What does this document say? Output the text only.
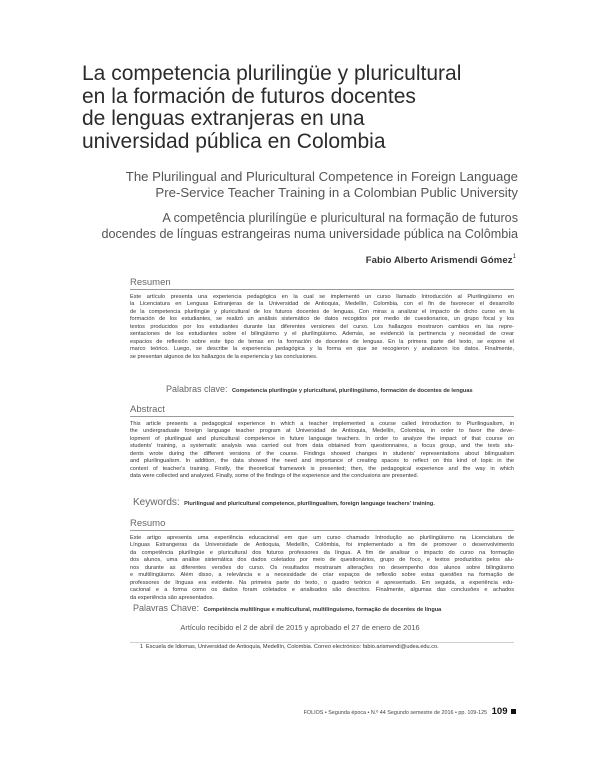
La competencia plurilingüe y pluricultural
en la formación de futuros docentes
de lenguas extranjeras en una
universidad pública en Colombia
The Plurilingual and Pluricultural Competence in Foreign Language
Pre-Service Teacher Training in a Colombian Public University
A competência plurilíngüe e pluricultural na formação de futuros
docendes de línguas estrangeiras numa universidade pública na Colômbia
Fabio Alberto Arismendi Gómez$^1$
Resumen
Este artículo presenta una experiencia pedagógica en la cual se implementó un curso llamado Introducción al Plurilingüismo en
la Licenciatura en Lenguas Extranjeras de la Universidad de Antioquia, Medellín, Colombia, con el fin de favorecer el desarrollo
de la competencia plurilingüe y pluricultural de los futuros docentes de lenguas. Con miras a analizar el impacto de dicho curso en la
formación de los estudiantes, se realizó un análisis sistemático de datos recogidos por medio de cuestionarios, un grupo focal y los
textos producidos por los estudiantes durante las diferentes versiones del curso. Los hallazgos mostraron cambios en las repre-
sentaciones de los estudiantes sobre el bilingüismo y el plurilingüismo. Además, se evidenció la pertinencia y necesidad de crear
espacios de reflexión sobre este tipo de temas en la formación de docentes de lenguas. En la primera parte del texto, se expone el
marco teórico. Luego, se describe la experiencia pedagógica y la forma en que se recogieron y analizaron los datos. Finalmente,
se presentan algunos de los hallazgos de la experiencia y las conclusiones.
Palabras clave: Competencia plurilingüe y pluricultural, plurilingüismo, formación de docentes de lenguas
Abstract
This article presents a pedagogical experience in which a teacher implemented a course called Introduction to Plurilingualism, in
the undergraduate foreign language teacher program at Universidad de Antioquia, Medellín, Colombia, in order to favor the deve-
lopment of plurilingual and pluricultural competence in future language teachers. In order to analyze the impact of that course on
students' training, a systematic analysis was carried out from data obtained from questionnaires, a focus group, and the texts stu-
dents wrote during the different versions of the course. Findings showed changes in students' representations about bilingualism
and plurilingualism. In addition, the data showed the need and importance of creating spaces to reflect on this kind of topic in the
context of teacher's training. Firstly, the theoretical framework is presented; then, the pedagogical experience and the way in which
data were collected and analyzed. Finally, some of the findings of the experience and the conclusions are presented.
Keywords: Plurilingual and pluricultural competence, plurilingualism, foreign language teachers' training.
Resumo
Este artigo apresenta uma experiência educacional em que um curso chamado Introdução ao plurilingüismo na Licenciatura de
Línguas Estrangeiras da Universidade de Antioquia, Medellín, Colômbia, foi implementado a fim de promover o desenvolvimento
da competência plurilíngüe e pluricultural dos futuros professores da língua. A fim de analisar o impacto do curso na formação
dos alunos, uma análise sistemática dos dados coletados por meio de questionários, grupo de foco, e textos produzidos pelos alu-
nos durante as diferentes versões do curso. Os resultados mostraram alterações no desempenho dos alunos sobre bilingüismo
e multilingüismo. Além disso, a relevância e a necessidade de criar espaços de reflexão sobre estas questões na formação de
professores de línguas era evidente. Na primeira parte do texto, o quadro teórico é apresentado. Em seguida, a experiência edu-
cacional e a forma como os dados foram coletados e analisados são descritos. Finalmente, algumas das conclusões e achados
da experiência são apresentados.
Palavras Chave: Competência multilíngue e multicultural, multilinguismo, formação de docentes de língua
Artículo recibido el 2 de abril de 2015 y aprobado el 27 de enero de 2016
1 Escuela de Idiomas, Universidad de Antioquia, Medellín, Colombia. Correo electrónico: fabio.arismendi@udea.edu.co.
FOLIOS • Segunda época • N.º 44 Segundo semestre de 2016 • pp. 109-125 109
